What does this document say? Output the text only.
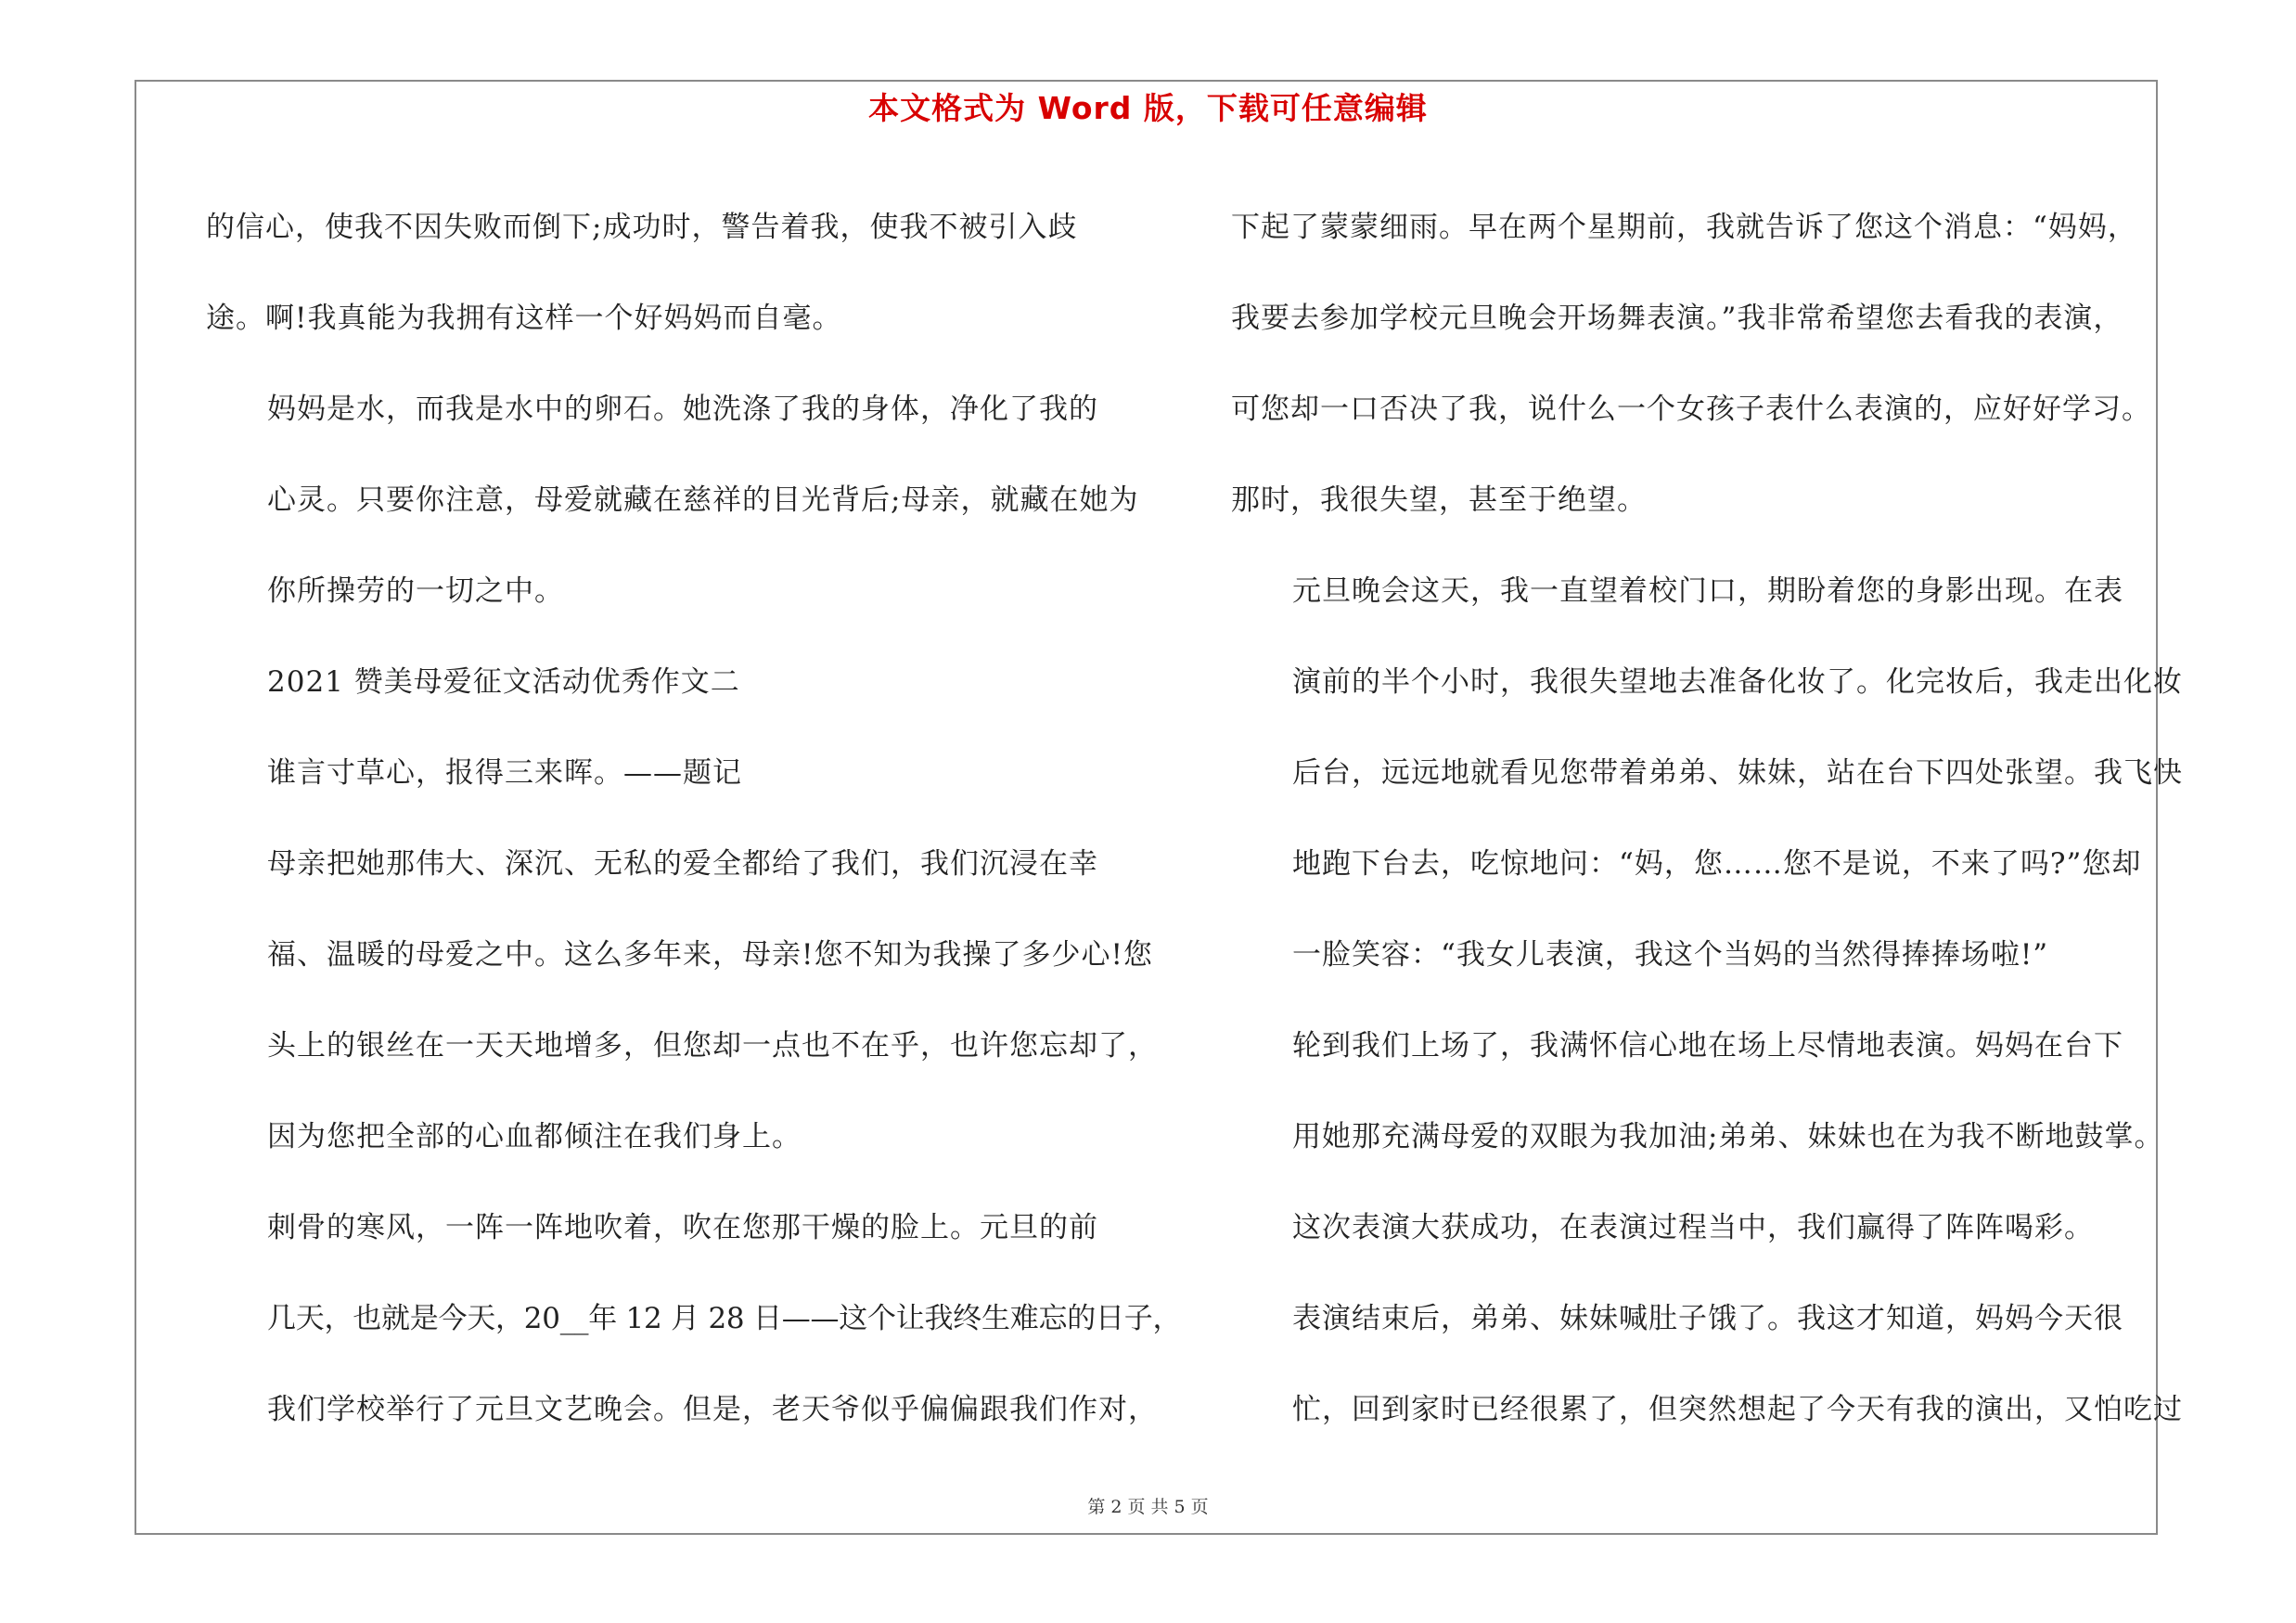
本文格式为 Word 版，下载可任意编辑
的信心，使我不因失败而倒下;成功时，警告着我，使我不被引入歧
途。啊!我真能为我拥有这样一个好妈妈而自毫。
妈妈是水，而我是水中的卵石。她洗涤了我的身体，净化了我的
心灵。只要你注意，母爱就藏在慈祥的目光背后;母亲，就藏在她为
你所操劳的一切之中。
2021 赞美母爱征文活动优秀作文二
谁言寸草心，报得三来晖。——题记
母亲把她那伟大、深沉、无私的爱全都给了我们，我们沉浸在幸
福、温暖的母爱之中。这么多年来，母亲!您不知为我操了多少心!您
头上的银丝在一天天地增多，但您却一点也不在乎，也许您忘却了，
因为您把全部的心血都倾注在我们身上。
刺骨的寒风，一阵一阵地吹着，吹在您那干燥的脸上。元旦的前
几天，也就是今天，20__年 12 月 28 日——这个让我终生难忘的日子，
我们学校举行了元旦文艺晚会。但是，老天爷似乎偏偏跟我们作对，
下起了蒙蒙细雨。早在两个星期前，我就告诉了您这个消息：“妈妈，
我要去参加学校元旦晚会开场舞表演。”我非常希望您去看我的表演，
可您却一口否决了我，说什么一个女孩子表什么表演的，应好好学习。
那时，我很失望，甚至于绝望。
元旦晚会这天，我一直望着校门口，期盼着您的身影出现。在表
演前的半个小时，我很失望地去准备化妆了。化完妆后，我走出化妆
后台，远远地就看见您带着弟弟、妹妹，站在台下四处张望。我飞快
地跑下台去，吃惊地问：“妈，您……您不是说，不来了吗?”您却
一脸笑容：“我女儿表演，我这个当妈的当然得捧捧场啦!”
轮到我们上场了，我满怀信心地在场上尽情地表演。妈妈在台下
用她那充满母爱的双眼为我加油;弟弟、妹妹也在为我不断地鼓掌。
这次表演大获成功，在表演过程当中，我们赢得了阵阵喝彩。
表演结束后，弟弟、妹妹喊肚子饿了。我这才知道，妈妈今天很
忙，回到家时已经很累了，但突然想起了今天有我的演出，又怕吃过
第 2 页 共 5 页
